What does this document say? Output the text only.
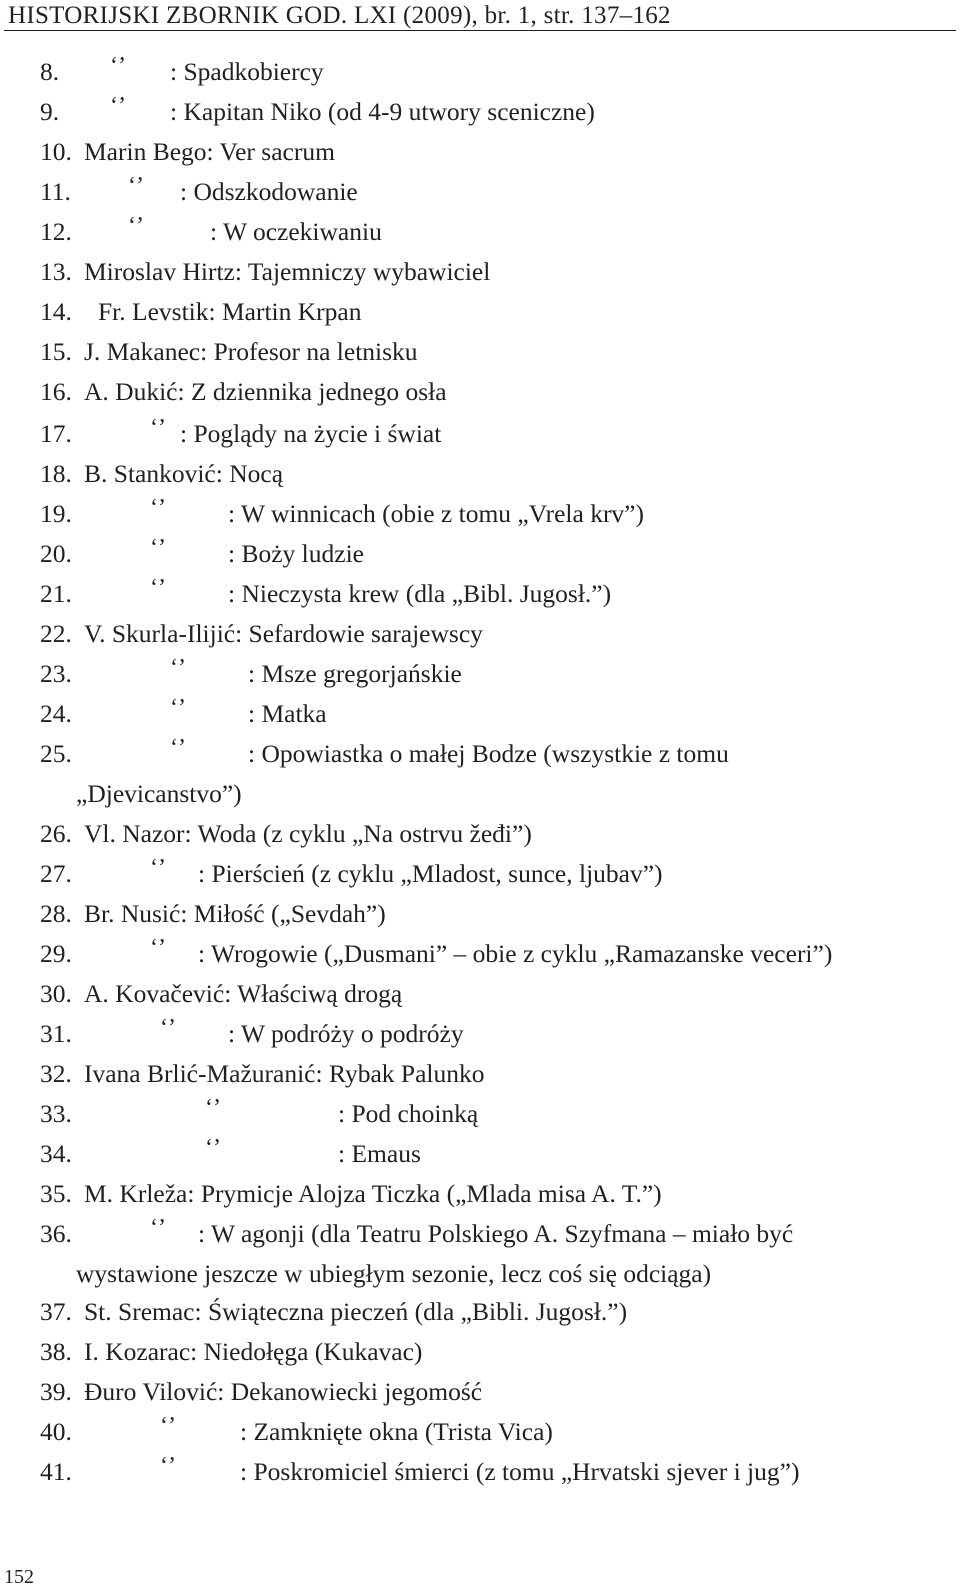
HISTORIJSKI ZBORNIK GOD. LXI (2009), br. 1, str. 137–162
8. ‘’ : Spadkobiercy
9. ‘’ : Kapitan Niko (od 4-9 utwory sceniczne)
10. Marin Bego: Ver sacrum
11. ‘’ : Odszkodowanie
12. ‘’	: W oczekiwaniu
13. Miroslav Hirtz: Tajemniczy wybawiciel
14. Fr. Levstik: Martin Krpan
15. J. Makanec: Profesor na letnisku
16. A. Dukić: Z dziennika jednego osła
17.	‘’ : Poglądy na życie i świat
18. B. Stanković: Nocą
19.	‘’ : W winnicach (obie z tomu „Vrela krv”)
20.	‘’ : Boży ludzie
21.	‘’ : Nieczysta krew (dla „Bibl. Jugosł.”)
22. V. Skurla-Ilijić: Sefardowie sarajewscy
23.	‘’ : Msze gregorjańskie
24.	‘’ : Matka
25.	‘’ : Opowiastka o małej Bodze (wszystkie z tomu
„Djevicanstvo”)
26. Vl. Nazor: Woda (z cyklu „Na ostrvu žeđi”)
27.	‘’ : Pierścień (z cyklu „Mladost, sunce, ljubav”)
28. Br. Nusić: Miłość („Sevdah”)
29.	‘’ : Wrogowie („Dusmani” – obie z cyklu „Ramazanske veceri”)
30. A. Kovačević: Właściwą drogą
31.	‘’ : W podróży o podróży
32. Ivana Brlić-Mažuranić: Rybak Palunko
33.	‘’	: Pod choinką
34.	‘’	: Emaus
35. M. Krleža: Prymicje Alojza Ticzka („Mlada misa A. T.”)
36.	‘’ : W agonji (dla Teatru Polskiego A. Szyfmana – miało być
wystawione jeszcze w ubiegłym sezonie, lecz coś się odciąga)
37. St. Sremac: Świąteczna pieczeń (dla „Bibli. Jugosł.”)
38. I. Kozarac: Niedołęga (Kukavac)
39. Đuro Vilović: Dekanowiecki jegomość
40.	‘’	: Zamknięte okna (Trista Vica)
41.	‘’	: Poskromiciel śmierci (z tomu „Hrvatski sjever i jug”)
152
